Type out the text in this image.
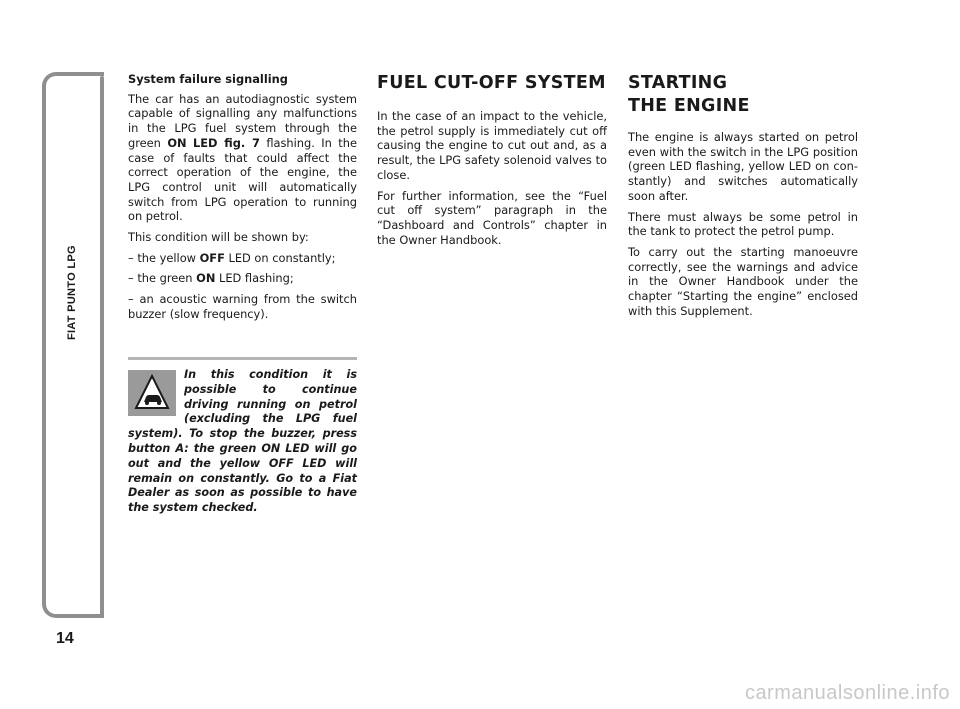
FIAT PUNTO LPG
14

System failure signalling

The car has an autodiagnostic system capable of signalling any malfunctions in the LPG fuel system through the green ON LED fig. 7 flashing. In the case of faults that could affect the correct operation of the engine, the LPG control unit will automatically switch from LPG operation to running on petrol.

This condition will be shown by:

– the yellow OFF LED on constantly;

– the green ON LED flashing;

– an acoustic warning from the switch buzzer (slow frequency).

In this condition it is possible to continue driving running on petrol (excluding the LPG fuel system). To stop the buzzer, press button A: the green ON LED will go out and the yellow OFF LED will remain on constantly. Go to a Fiat Dealer as soon as possible to have the system checked.

FUEL CUT-OFF SYSTEM

In the case of an impact to the vehicle, the petrol supply is immediately cut off causing the engine to cut out and, as a result, the LPG safety solenoid valves to close.

For further information, see the “Fuel cut off system” paragraph in the “Dashboard and Controls” chapter in the Owner Handbook.

STARTING
THE ENGINE

The engine is always started on petrol even with the switch in the LPG position (green LED flashing, yellow LED on constantly) and switches automatically soon after.

There must always be some petrol in the tank to protect the petrol pump.

To carry out the starting manoeuvre correctly, see the warnings and advice in the Owner Handbook under the chapter “Starting the engine” enclosed with this Supplement.

carmanualsonline.info
